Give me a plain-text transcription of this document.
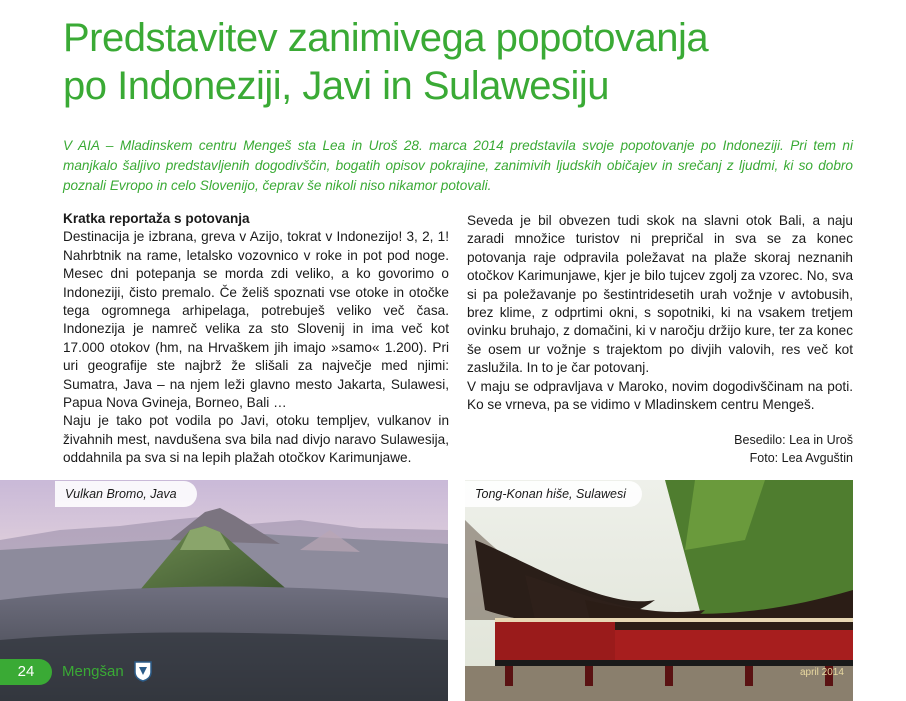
Predstavitev zanimivega popotovanja
po Indoneziji, Javi in Sulawesiju

V AIA – Mladinskem centru Mengeš sta Lea in Uroš 28. marca 2014 predstavila svoje popotovanje po Indoneziji. Pri tem ni manjkalo šaljivo predstavljenih dogodivščin, bogatih opisov pokrajine, zanimivih ljudskih običajev in srečanj z ljudmi, ki so dobro poznali Evropo in celo Slovenijo, čeprav še nikoli niso nikamor potovali.

Kratka reportaža s potovanja

Destinacija je izbrana, greva v Azijo, tokrat v Indonezijo! 3, 2, 1! Nahrbtnik na rame, letalsko vozovnico v roke in pot pod noge. Mesec dni potepanja se morda zdi veliko, a ko govorimo o Indoneziji, čisto premalo. Če želiš spoznati vse otoke in otočke tega ogromnega arhipelaga, potrebuješ veliko več časa. Indonezija je namreč velika za sto Slovenij in ima več kot 17.000 otokov (hm, na Hrvaškem jih imajo »samo« 1.200). Pri uri geografije ste najbrž že slišali za največje med njimi: Sumatra, Java – na njem leži glavno mesto Jakarta, Sulawesi, Papua Nova Gvineja, Borneo, Bali …

Naju je tako pot vodila po Javi, otoku templjev, vulkanov in živahnih mest, navdušena sva bila nad divjo naravo Sulawesija, oddahnila pa sva si na lepih plažah otočkov Karimunjawe.

Seveda je bil obvezen tudi skok na slavni otok Bali, a naju zaradi množice turistov ni prepričal in sva se za konec potovanja raje odpravila poležavat na plaže skoraj neznanih otočkov Karimunjawe, kjer je bilo tujcev zgolj za vzorec. No, sva si pa poležavanje po šestintridesetih urah vožnje v avtobusih, brez klime, z odprtimi okni, s sopotniki, ki na vsakem tretjem ovinku bruhajo, z domačini, ki v naročju držijo kure, ter za konec še osem ur vožnje s trajektom po divjih valovih, res več kot zaslužila. In to je čar potovanj.

V maju se odpravljava v Maroko, novim dogodivščinam na poti. Ko se vrneva, pa se vidimo v Mladinskem centru Mengeš.

Besedilo: Lea in Uroš
Foto: Lea Avguštin
Vulkan Bromo, Java	Tong-Konan hiše, Sulawesi
24	Mengšan	april 2014
